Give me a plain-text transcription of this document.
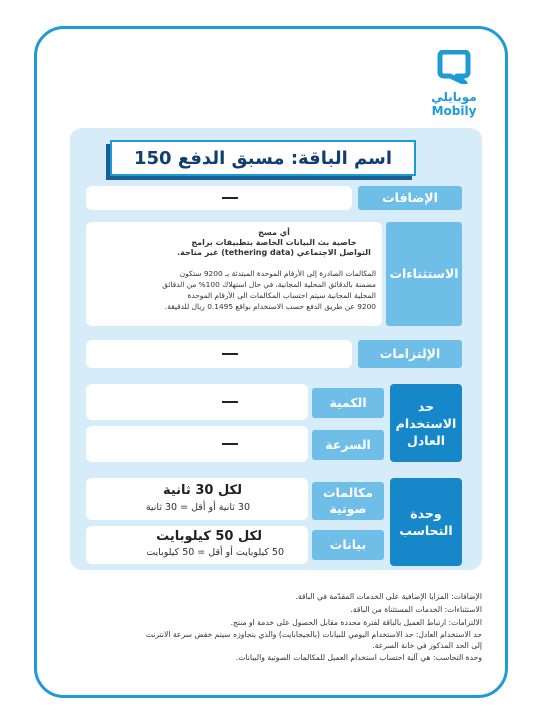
موبايلي
Mobily
اسم الباقة: مسبق الدفع 150
الإضافات
الاستثناءات
أي مسج
خاصية بث البيانات الخاصة بتطبيقات برامج
التواصل الاجتماعي (tethering data) غير متاحة.
المكالمات الصادرة إلى الأرقام الموحدة المبتدئة بـ 9200 ستكون
مضمنة بالدقائق المحلية المجانية، في حال استهلاك 100% من الدقائق
المحلية المجانية سيتم احتساب المكالمات الى الأرقام الموحدة
9200 عن طريق الدفع حسب الاستخدام بواقع 0.1495 ريال للدقيقة.
الإلتزامات
حد الاستخدام العادل
الكمية
السرعة
وحدة التحاسب
مكالمات صوتية
لكل 30 ثانية
30 ثانية أو أقل = 30 ثانية
بيانات
لكل 50 كيلوبايت
50 كيلوبايت أو أقل = 50 كيلوبايت

الإضافات: المزايا الإضافية على الخدمات المقدّمة في الباقة.

الاستثناءات: الخدمات المستثناة من الباقة.

الالتزامات: ارتباط العميل بالباقة لفترة محددة مقابل الحصول على خدمة او منتج.

حد الاستخدام العادل: حد الاستخدام اليومي للبيانات (بالجيجابايت) والذي بتجاوزه سيتم خفض سرعة الانترنت

إلى الحد المذكور في خانة السرعة.

وحدة التحاسب: هي آلية احتساب استخدام العميل للمكالمات الصوتية والبيانات.
